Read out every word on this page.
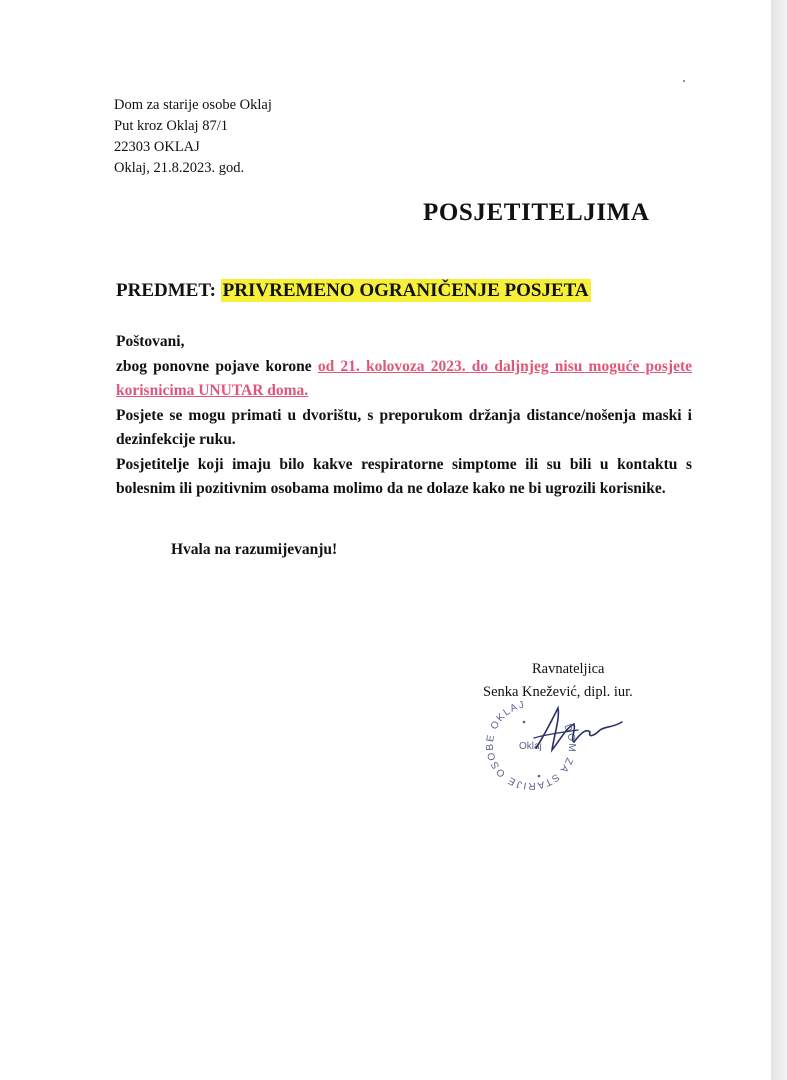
Dom za starije osobe Oklaj
Put kroz Oklaj 87/1
22303 OKLAJ
Oklaj, 21.8.2023. god.
POSJETITELJIMA
PREDMET: PRIVREMENO OGRANIČENJE POSJETA

Poštovani,

zbog ponovne pojave korone od 21. kolovoza 2023. do daljnjeg nisu moguće posjete korisnicima UNUTAR doma.

Posjete se mogu primati u dvorištu, s preporukom držanja distance/nošenja maski i dezinfekcije ruku.

Posjetitelje koji imaju bilo kakve respiratorne simptome ili su bili u kontaktu s bolesnim ili pozitivnim osobama molimo da ne dolaze kako ne bi ugrozili korisnike.

Hvala na razumijevanju!
Ravnateljica
Senka Knežević, dipl. iur.
DOM ZA STARIJE OSOBE OKLAJ
Oklaj
